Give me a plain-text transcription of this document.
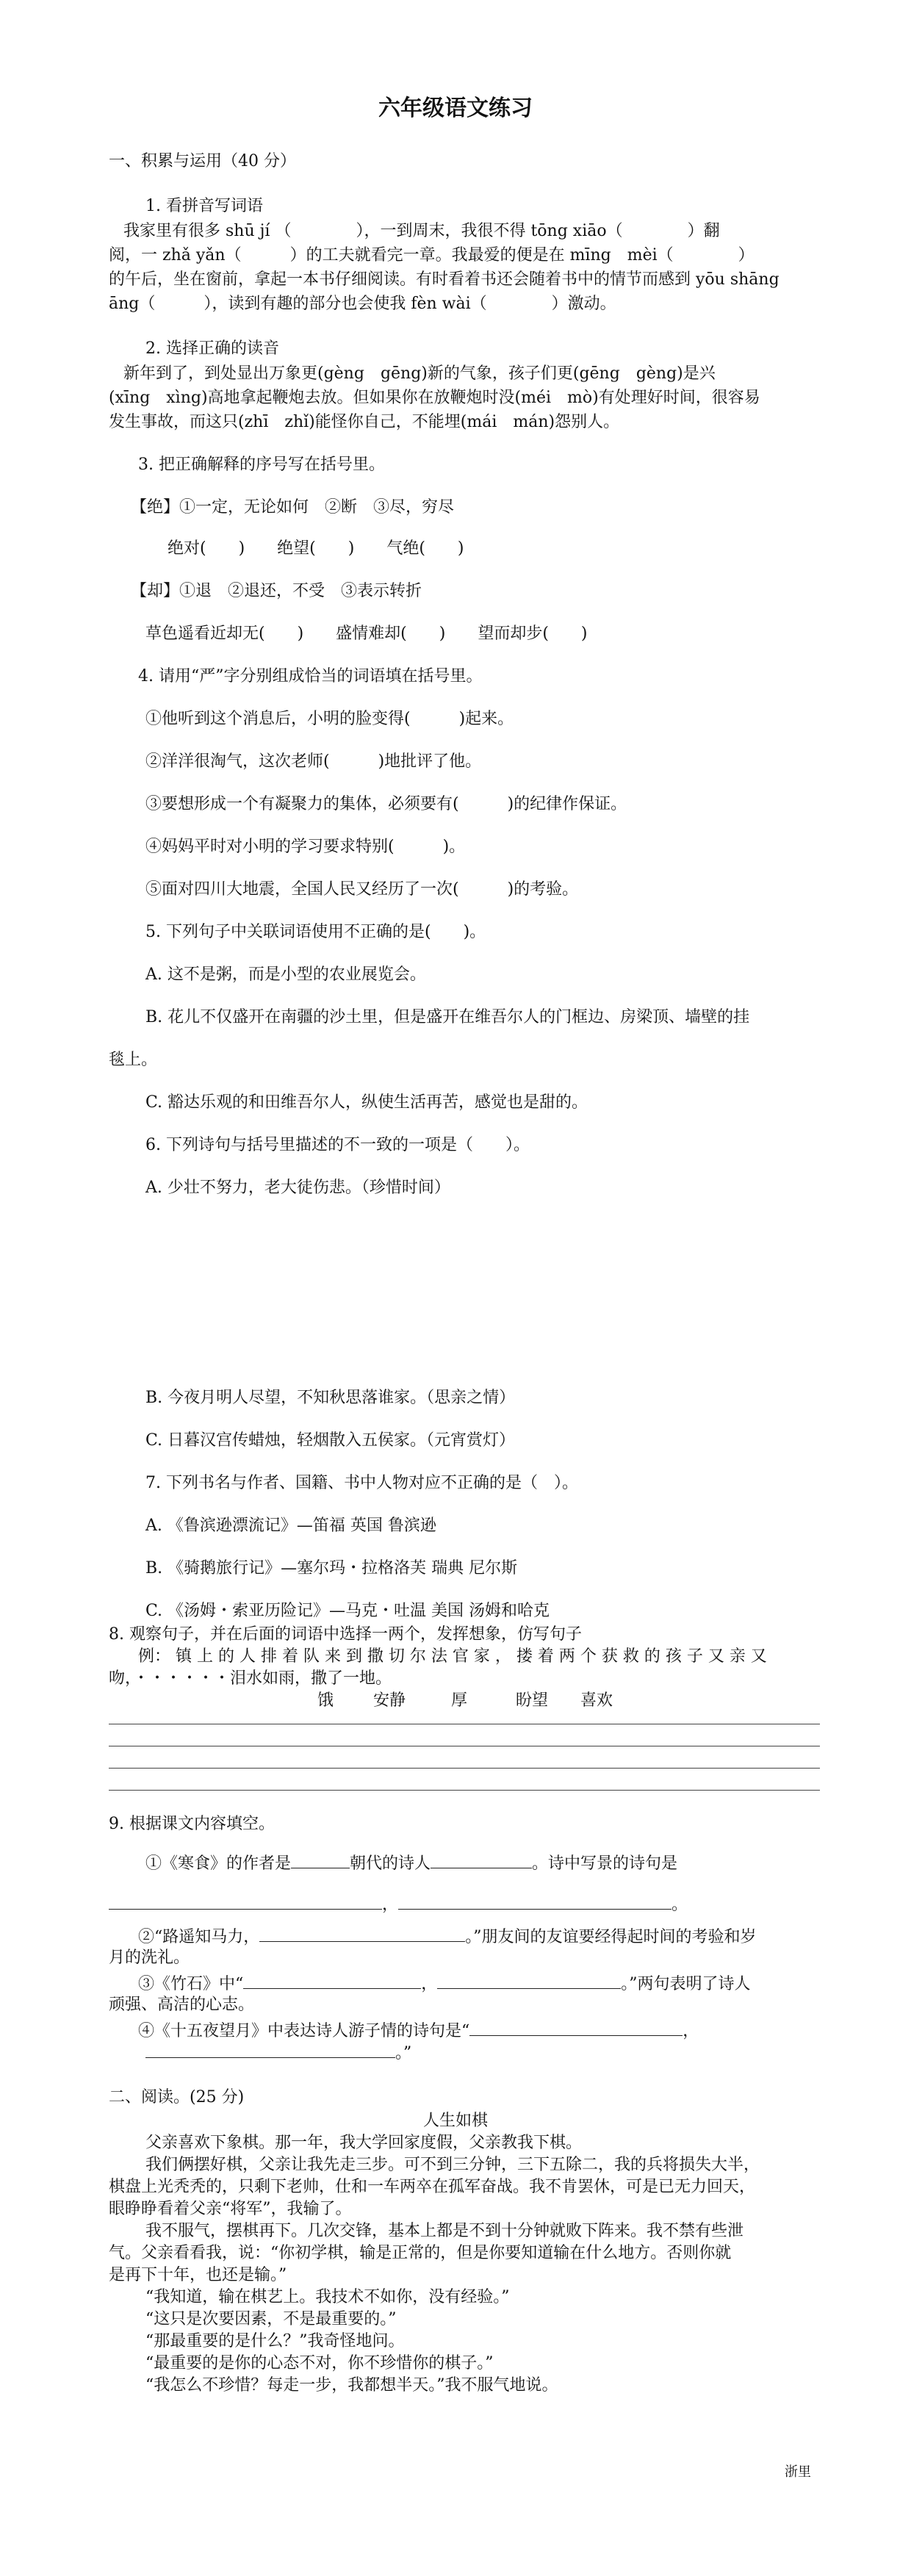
六年级语文练习
一、积累与运用（40 分）
1. 看拼音写词语
我家里有很多 shū jí （　　　　），一到周末，我很不得 tōng xiāo（　　　　）翻
阅，一 zhǎ yǎn（　　　）的工夫就看完一章。我最爱的便是在 mīng　mèi（　　　　）
的午后，坐在窗前，拿起一本书仔细阅读。有时看着书还会随着书中的情节而感到 yōu shāng
āng（　　　），读到有趣的部分也会使我 fèn wài（　　　　）激动。
2. 选择正确的读音
新年到了，到处显出万象更(gèng　gēng)新的气象，孩子们更(gēng　gèng)是兴
(xīng　xìng)高地拿起鞭炮去放。但如果你在放鞭炮时没(méi　mò)有处理好时间，很容易
发生事故，而这只(zhī　zhǐ)能怪你自己，不能埋(mái　mán)怨别人。
3. 把正确解释的序号写在括号里。
【绝】①一定，无论如何　②断　③尽，穷尽
绝对(　　)　　绝望(　　)　　气绝(　　)
【却】①退　②退还，不受　③表示转折
草色遥看近却无(　　)　　盛情难却(　　)　　望而却步(　　)
4. 请用“严”字分别组成恰当的词语填在括号里。
①他听到这个消息后，小明的脸变得(　　　)起来。
②洋洋很淘气，这次老师(　　　)地批评了他。
③要想形成一个有凝聚力的集体，必须要有(　　　)的纪律作保证。
④妈妈平时对小明的学习要求特别(　　　)。
⑤面对四川大地震，全国人民又经历了一次(　　　)的考验。
5. 下列句子中关联词语使用不正确的是(　　)。
A. 这不是粥，而是小型的农业展览会。
B. 花儿不仅盛开在南疆的沙土里，但是盛开在维吾尔人的门框边、房梁顶、墙壁的挂
毯上。
C. 豁达乐观的和田维吾尔人，纵使生活再苦，感觉也是甜的。
6. 下列诗句与括号里描述的不一致的一项是（　　）。
A. 少壮不努力，老大徒伤悲。（珍惜时间）
B. 今夜月明人尽望，不知秋思落谁家。（思亲之情）
C. 日暮汉宫传蜡烛，轻烟散入五侯家。（元宵赏灯）
7. 下列书名与作者、国籍、书中人物对应不正确的是（　）。
A. 《鲁滨逊漂流记》—笛福 英国 鲁滨逊
B. 《骑鹅旅行记》—塞尔玛・拉格洛芙 瑞典 尼尔斯
C. 《汤姆・索亚历险记》—马克・吐温 美国 汤姆和哈克
8. 观察句子，并在后面的词语中选择一两个，发挥想象，仿写句子
例： 镇 上 的 人 排 着 队 来 到 撒 切 尔 法 官 家 ， 搂 着 两 个 获 救 的 孩 子 又 亲 又
吻，・・・・・・泪水如雨，撒了一地。
饿 安静	厚	盼望 喜欢
9. 根据课文内容填空。
①《寒食》的作者是	朝代的诗人	。诗中写景的诗句是
，	。
②“路遥知马力，	。”朋友间的友谊要经得起时间的考验和岁
月的洗礼。
③《竹石》中“	，	。”两句表明了诗人
顽强、高洁的心志。
④《十五夜望月》中表达诗人游子情的诗句是“	，
。”
二、阅读。(25 分)
人生如棋
父亲喜欢下象棋。那一年，我大学回家度假，父亲教我下棋。
我们俩摆好棋，父亲让我先走三步。可不到三分钟，三下五除二，我的兵将损失大半，
棋盘上光秃秃的，只剩下老帅，仕和一车两卒在孤军奋战。我不肯罢休，可是已无力回天，
眼睁睁看着父亲“将军”，我输了。
我不服气，摆棋再下。几次交锋，基本上都是不到十分钟就败下阵来。我不禁有些泄
气。父亲看看我，说：“你初学棋，输是正常的，但是你要知道输在什么地方。否则你就
是再下十年，也还是输。”
“我知道，输在棋艺上。我技术不如你，没有经验。”
“这只是次要因素，不是最重要的。”
“那最重要的是什么？”我奇怪地问。
“最重要的是你的心态不对，你不珍惜你的棋子。”
“我怎么不珍惜？每走一步，我都想半天。”我不服气地说。
浙里
